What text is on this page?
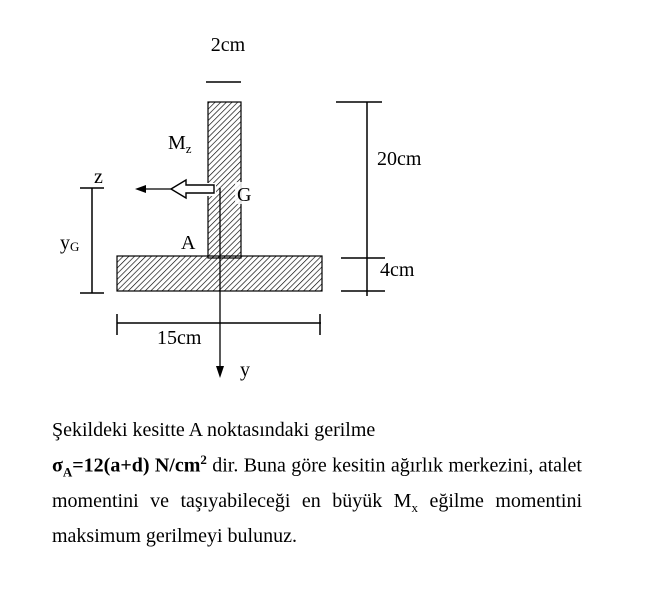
2cm
20cm
4cm
15cm
yG
z
$M_z$
y
G
A

Şekildeki kesitte A noktasındaki gerilme

$\sigma_A=12(a+d)$ $N/cm^2$ dir. Buna göre kesitin ağırlık merkezini, atalet momentini ve taşıyabileceği en büyük $M_x$ eğilme momentini maksimum gerilmeyi bulunuz.
